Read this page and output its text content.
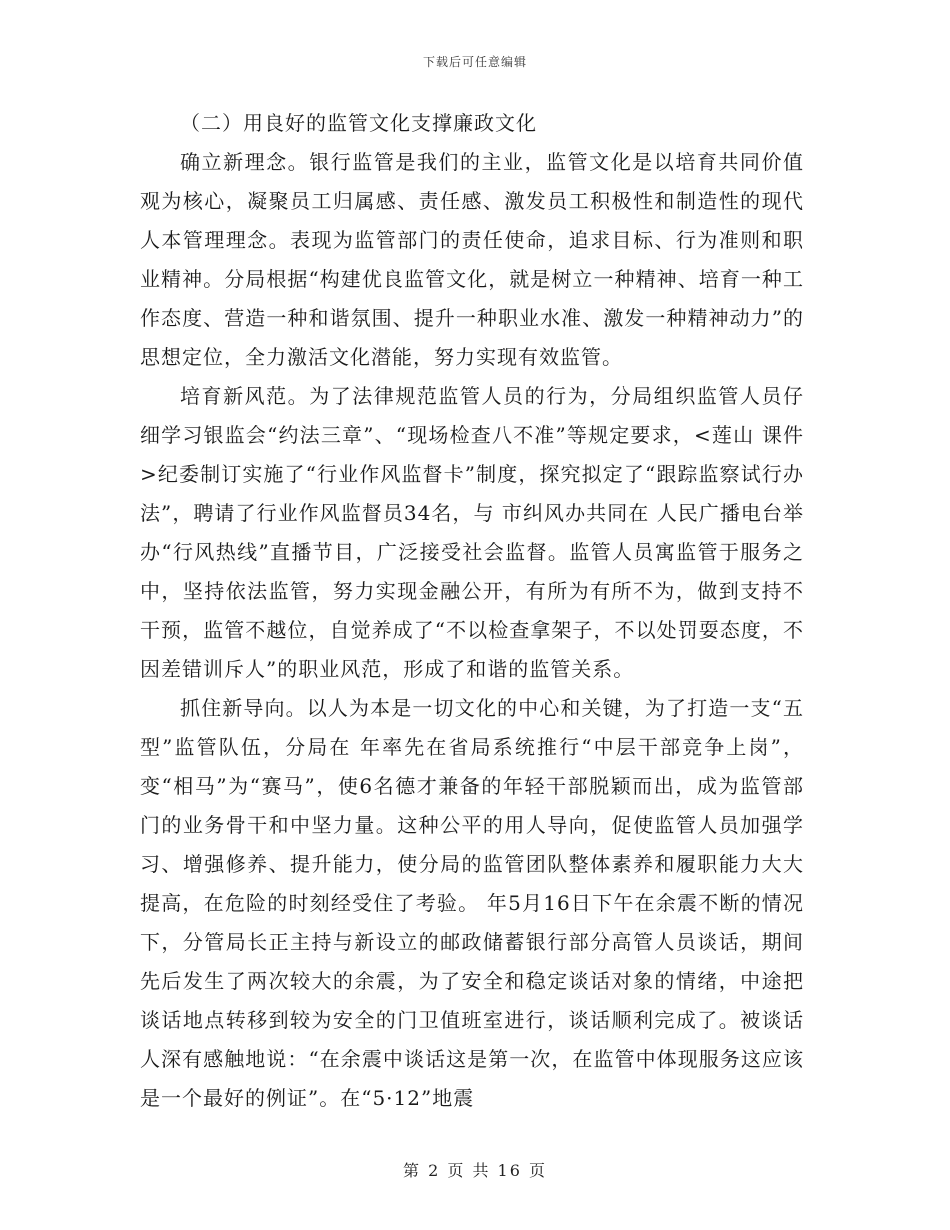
下载后可任意编辑

（二）用良好的监管文化支撑廉政文化

确立新理念。银行监管是我们的主业，监管文化是以培育共同价值观为核心，凝聚员工归属感、责任感、激发员工积极性和制造性的现代人本管理理念。表现为监管部门的责任使命，追求目标、行为准则和职业精神。分局根据“构建优良监管文化，就是树立一种精神、培育一种工作态度、营造一种和谐氛围、提升一种职业水准、激发一种精神动力”的思想定位，全力激活文化潜能，努力实现有效监管。

培育新风范。为了法律规范监管人员的行为，分局组织监管人员仔细学习银监会“约法三章”、“现场检查八不准”等规定要求，<莲山 课件 >纪委制订实施了“行业作风监督卡”制度，探究拟定了“跟踪监察试行办法”，聘请了行业作风监督员34名，与 市纠风办共同在 人民广播电台举办“行风热线”直播节目，广泛接受社会监督。监管人员寓监管于服务之中，坚持依法监管，努力实现金融公开，有所为有所不为，做到支持不干预，监管不越位，自觉养成了“不以检查拿架子，不以处罚耍态度，不因差错训斥人”的职业风范，形成了和谐的监管关系。

抓住新导向。以人为本是一切文化的中心和关键，为了打造一支“五型”监管队伍，分局在 年率先在省局系统推行“中层干部竞争上岗”，变“相马”为“赛马”，使6名德才兼备的年轻干部脱颖而出，成为监管部门的业务骨干和中坚力量。这种公平的用人导向，促使监管人员加强学习、增强修养、提升能力，使分局的监管团队整体素养和履职能力大大提高，在危险的时刻经受住了考验。 年5月16日下午在余震不断的情况下，分管局长正主持与新设立的邮政储蓄银行部分高管人员谈话，期间先后发生了两次较大的余震，为了安全和稳定谈话对象的情绪，中途把谈话地点转移到较为安全的门卫值班室进行，谈话顺利完成了。被谈话人深有感触地说：“在余震中谈话这是第一次，在监管中体现服务这应该是一个最好的例证”。在“5·12”地震

第 2 页 共 16 页
